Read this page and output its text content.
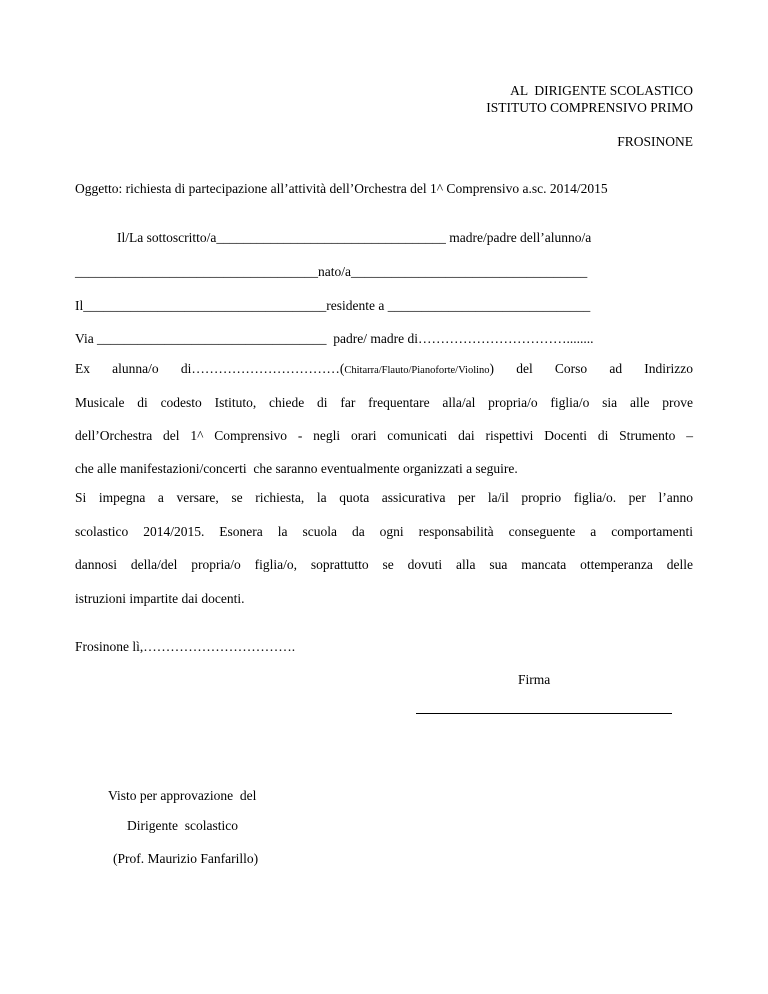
AL  DIRIGENTE SCOLASTICO
ISTITUTO COMPRENSIVO PRIMO
FROSINONE
Oggetto: richiesta di partecipazione all’attività dell’Orchestra del 1^ Comprensivo a.sc. 2014/2015
Il/La sottoscritto/a__________________________________ madre/padre dell’alunno/a
____________________________________nato/a___________________________________
Il____________________________________residente a ______________________________
Via __________________________________  padre/ madre di……………………………........
Ex alunna/o di……………………………(Chitarra/Flauto/Pianoforte/Violino) del Corso ad Indirizzo
Musicale di codesto Istituto, chiede di far frequentare alla/al propria/o figlia/o sia alle prove
dell’Orchestra del 1^ Comprensivo - negli orari comunicati dai rispettivi Docenti di Strumento –
che alle manifestazioni/concerti  che saranno eventualmente organizzati a seguire.
Si impegna a versare, se richiesta, la quota assicurativa per la/il proprio figlia/o. per l’anno
scolastico 2014/2015. Esonera la scuola da ogni responsabilità conseguente a comportamenti
dannosi della/del propria/o figlia/o, soprattutto se dovuti alla sua mancata ottemperanza delle
istruzioni impartite dai docenti.
Frosinone lì,…………………………….
Firma
Visto per approvazione  del
Dirigente  scolastico
(Prof. Maurizio Fanfarillo)
